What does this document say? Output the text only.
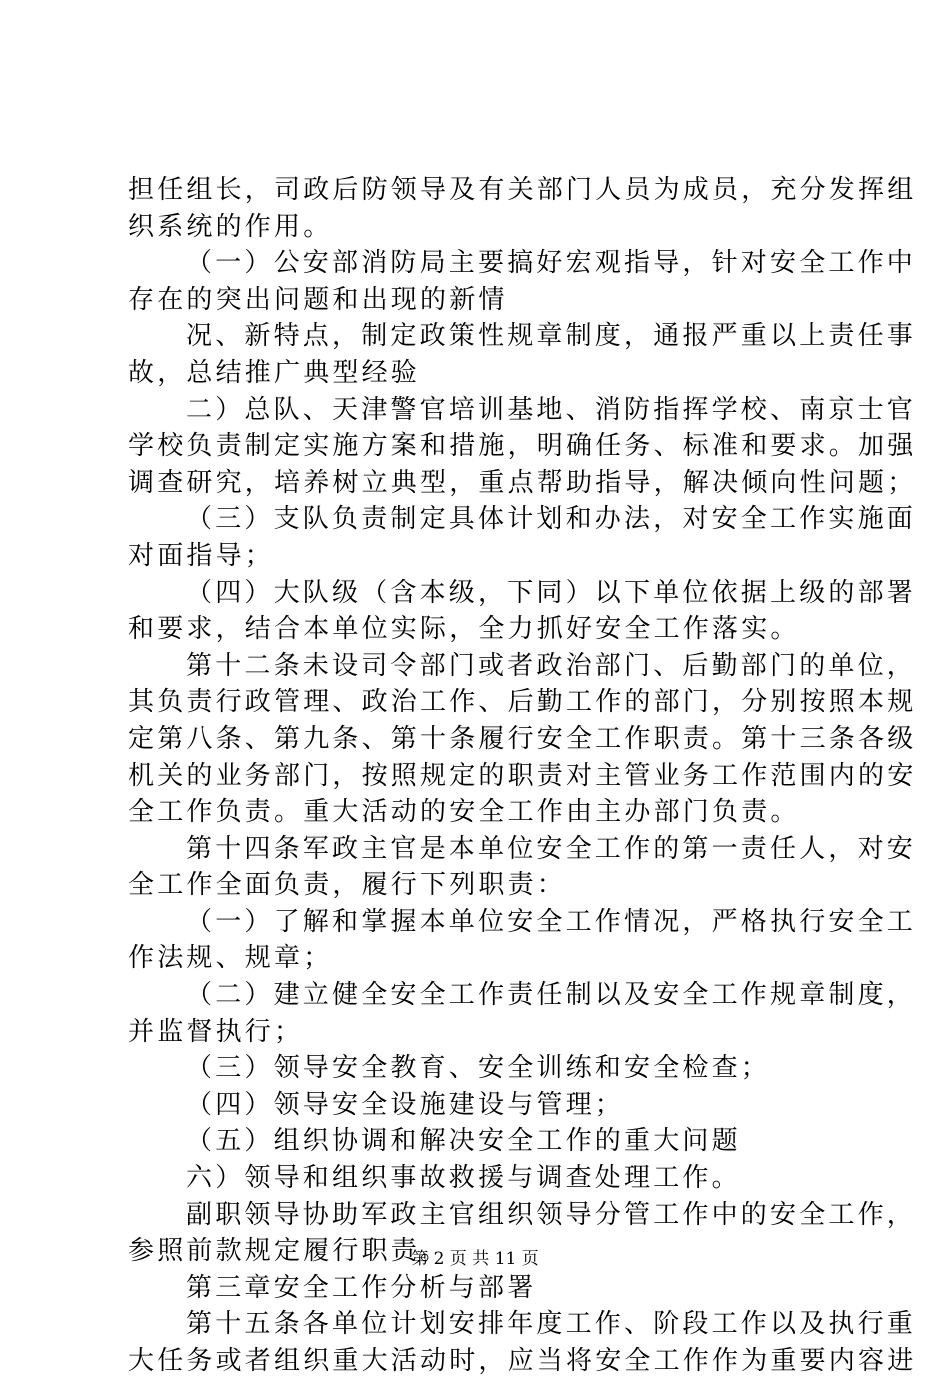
担任组长，司政后防领导及有关部门人员为成员，充分发挥组
织系统的作用。
（一）公安部消防局主要搞好宏观指导，针对安全工作中
存在的突出问题和出现的新情
况、新特点，制定政策性规章制度，通报严重以上责任事
故，总结推广典型经验
二）总队、天津警官培训基地、消防指挥学校、南京士官
学校负责制定实施方案和措施，明确任务、标准和要求。加强
调查研究，培养树立典型，重点帮助指导，解决倾向性问题；
（三）支队负责制定具体计划和办法，对安全工作实施面
对面指导；
（四）大队级（含本级，下同）以下单位依据上级的部署
和要求，结合本单位实际，全力抓好安全工作落实。
第十二条未设司令部门或者政治部门、后勤部门的单位，
其负责行政管理、政治工作、后勤工作的部门，分别按照本规
定第八条、第九条、第十条履行安全工作职责。第十三条各级
机关的业务部门，按照规定的职责对主管业务工作范围内的安
全工作负责。重大活动的安全工作由主办部门负责。
第十四条军政主官是本单位安全工作的第一责任人，对安
全工作全面负责，履行下列职责：
（一）了解和掌握本单位安全工作情况，严格执行安全工
作法规、规章；
（二）建立健全安全工作责任制以及安全工作规章制度，
并监督执行；
（三）领导安全教育、安全训练和安全检查；
（四）领导安全设施建设与管理；
（五）组织协调和解决安全工作的重大问题
六）领导和组织事故救援与调查处理工作。
副职领导协助军政主官组织领导分管工作中的安全工作，
参照前款规定履行职责。
第三章安全工作分析与部署
第十五条各单位计划安排年度工作、阶段工作以及执行重
大任务或者组织重大活动时，应当将安全工作作为重要内容进
第 2 页 共 11 页
